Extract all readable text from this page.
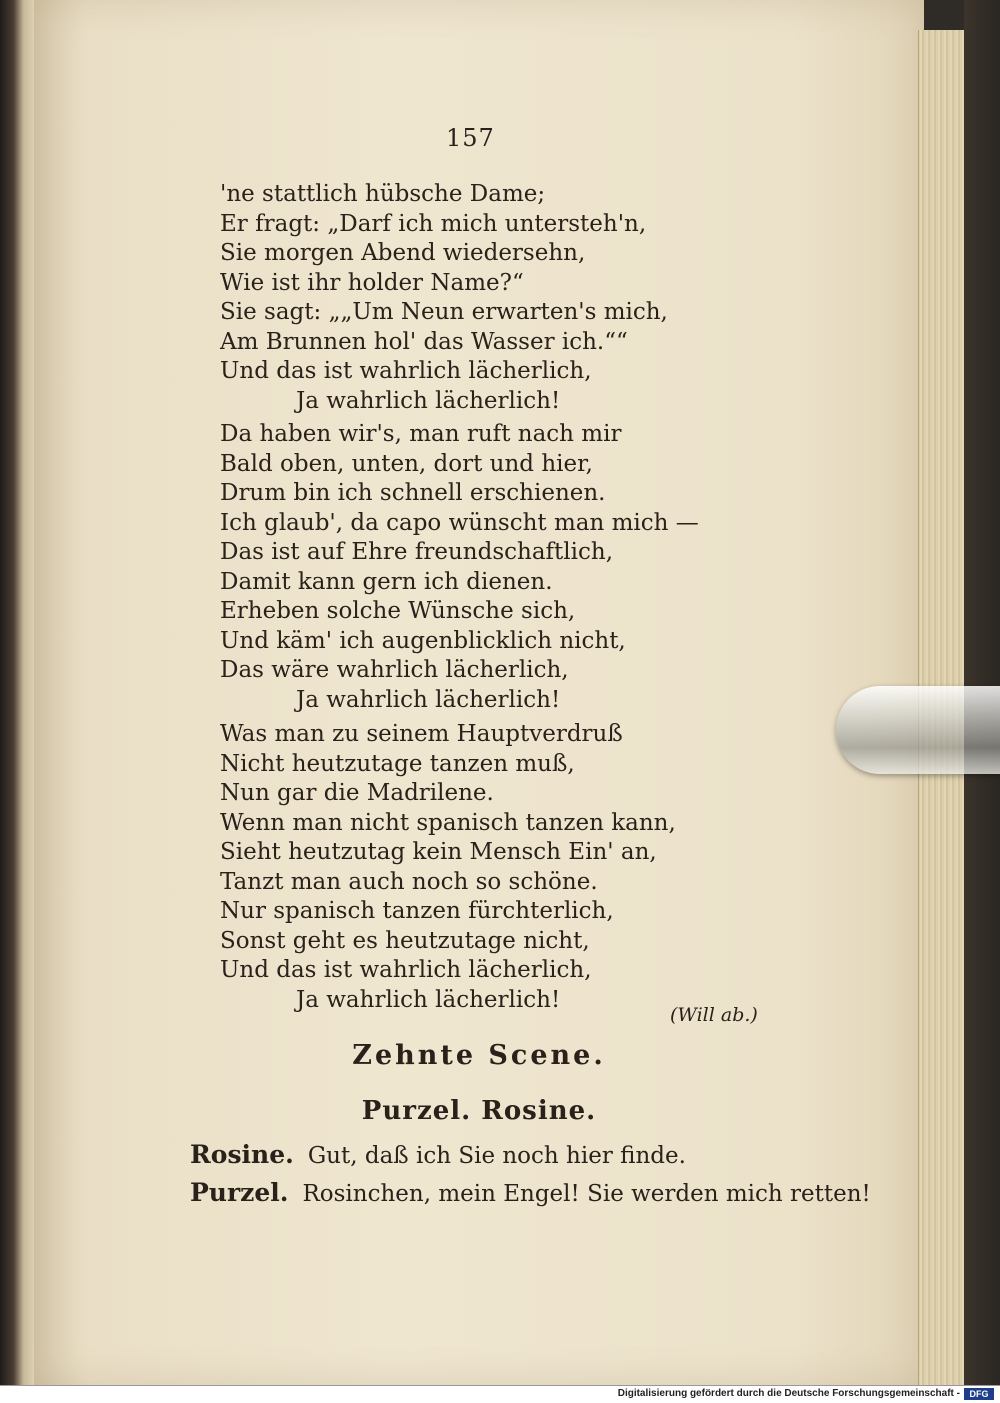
157
'ne stattlich hübsche Dame;
Er fragt: „Darf ich mich untersteh'n,
Sie morgen Abend wiedersehn,
Wie ist ihr holder Name?“
Sie sagt: „„Um Neun erwarten's mich,
Am Brunnen hol' das Wasser ich.““
Und das ist wahrlich lächerlich,
Ja wahrlich lächerlich!
Da haben wir's, man ruft nach mir
Bald oben, unten, dort und hier,
Drum bin ich schnell erschienen.
Ich glaub', da capo wünscht man mich —
Das ist auf Ehre freundschaftlich,
Damit kann gern ich dienen.
Erheben solche Wünsche sich,
Und käm' ich augenblicklich nicht,
Das wäre wahrlich lächerlich,
Ja wahrlich lächerlich!
Was man zu seinem Hauptverdruß
Nicht heutzutage tanzen muß,
Nun gar die Madrilene.
Wenn man nicht spanisch tanzen kann,
Sieht heutzutag kein Mensch Ein' an,
Tanzt man auch noch so schöne.
Nur spanisch tanzen fürchterlich,
Sonst geht es heutzutage nicht,
Und das ist wahrlich lächerlich,
Ja wahrlich lächerlich!
(Will ab.)
Zehnte Scene.
Purzel. Rosine.
Rosine. Gut, daß ich Sie noch hier finde.
Purzel. Rosinchen, mein Engel! Sie werden mich retten!
Digitalisierung gefördert durch die Deutsche Forschungsgemeinschaft -	DFG
